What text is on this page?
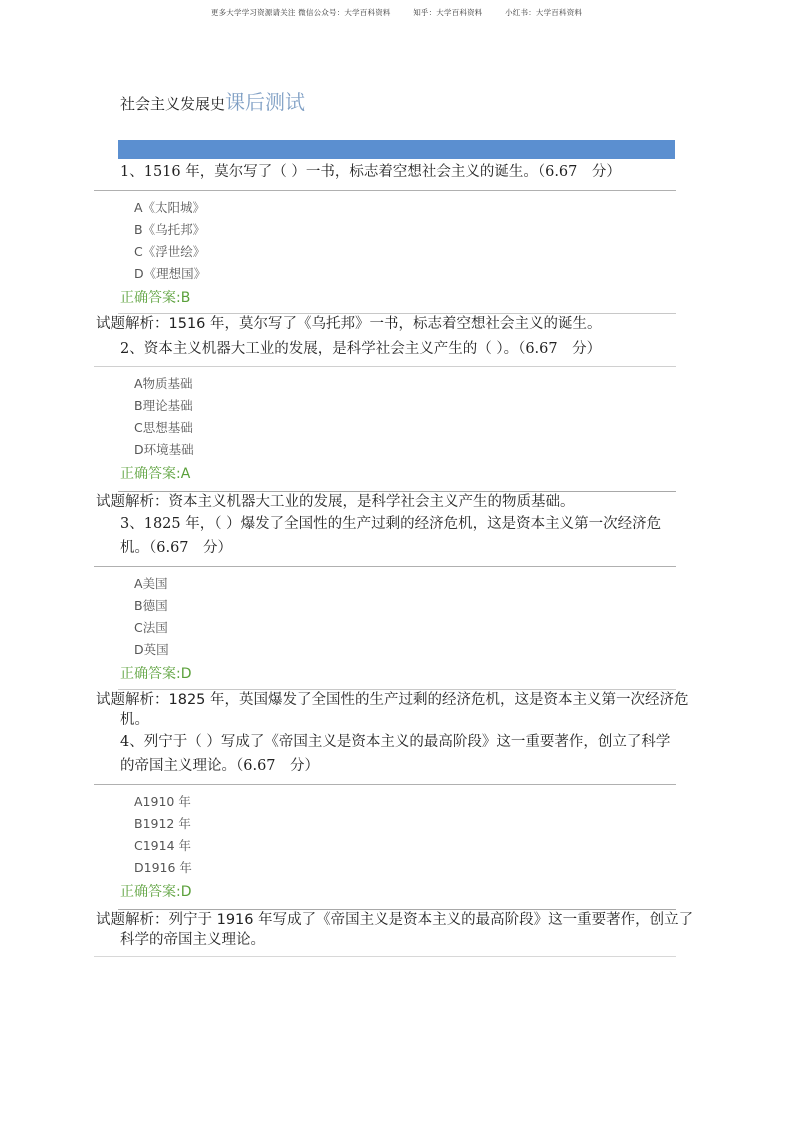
更多大学学习资源请关注 微信公众号：大学百科资料	知乎：大学百科资料	小红书：大学百科资料
社会主义发展史课后测试
1、1516 年，莫尔写了（ ）一书，标志着空想社会主义的诞生。（6.67　分）
A《太阳城》
B《乌托邦》
C《浮世绘》
D《理想国》
正确答案:B
试题解析：1516 年，莫尔写了《乌托邦》一书，标志着空想社会主义的诞生。
2、资本主义机器大工业的发展，是科学社会主义产生的（ ）。（6.67　分）
A物质基础
B理论基础
C思想基础
D环境基础
正确答案:A
试题解析：资本主义机器大工业的发展，是科学社会主义产生的物质基础。
3、1825 年，（ ）爆发了全国性的生产过剩的经济危机，这是资本主义第一次经济危机。（6.67　分）
A美国
B德国
C法国
D英国
正确答案:D
试题解析：1825 年，英国爆发了全国性的生产过剩的经济危机，这是资本主义第一次经济危机。
4、列宁于（ ）写成了《帝国主义是资本主义的最高阶段》这一重要著作，创立了科学的帝国主义理论。（6.67　分）
A1910 年
B1912 年
C1914 年
D1916 年
正确答案:D
试题解析：列宁于 1916 年写成了《帝国主义是资本主义的最高阶段》这一重要著作，创立了科学的帝国主义理论。
